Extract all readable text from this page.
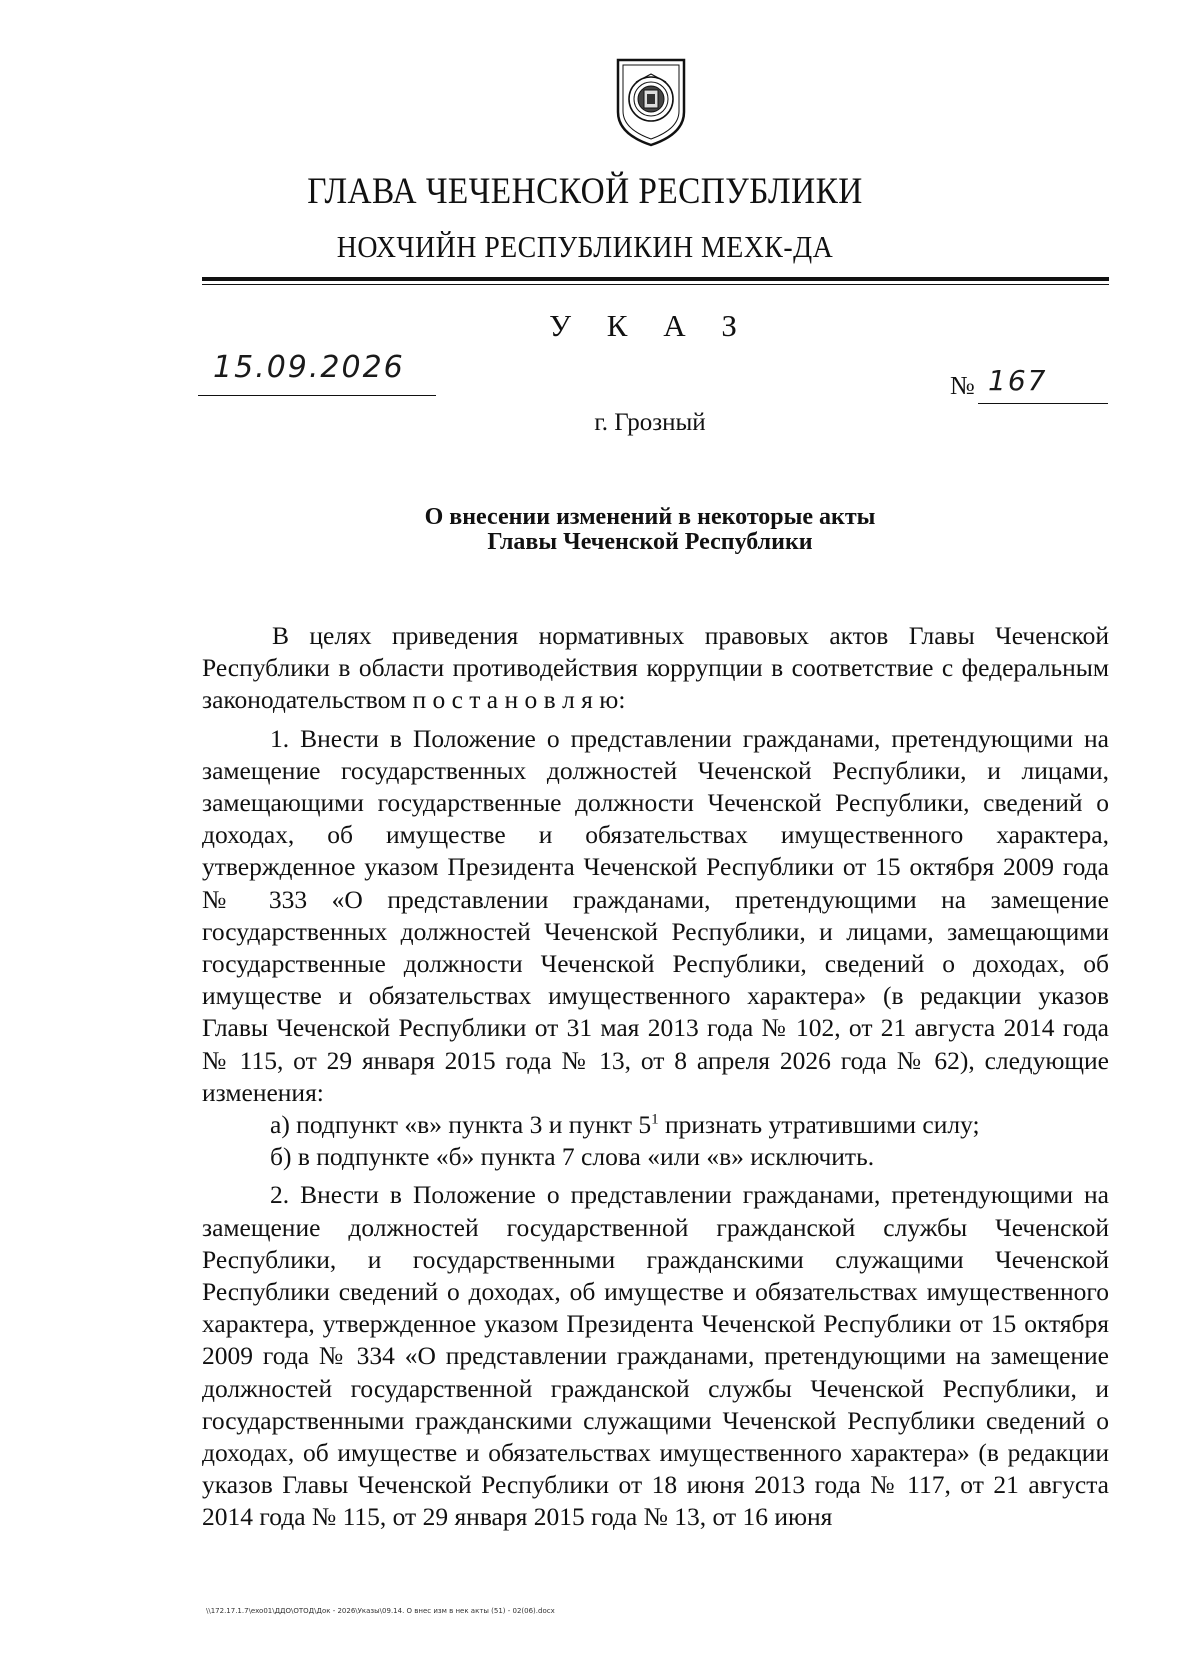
ГЛАВА ЧЕЧЕНСКОЙ РЕСПУБЛИКИ
НОХЧИЙН РЕСПУБЛИКИН МЕХК-ДА
У К А З
15.09.2026
№ 167
г. Грозный
О внесении изменений в некоторые акты
Главы Чеченской Республики

В целях приведения нормативных правовых актов Главы Чеченской Республики в области противодействия коррупции в соответствие с федеральным законодательством п о с т а н о в л я ю:

1. Внести в Положение о представлении гражданами, претендующими на замещение государственных должностей Чеченской Республики, и лицами, замещающими государственные должности Чеченской Республики, сведений о доходах, об имуществе и обязательствах имущественного характера, утвержденное указом Президента Чеченской Республики от 15 октября 2009 года № 333 «О представлении гражданами, претендующими на замещение государственных должностей Чеченской Республики, и лицами, замещающими государственные должности Чеченской Республики, сведений о доходах, об имуществе и обязательствах имущественного характера» (в редакции указов Главы Чеченской Республики от 31 мая 2013 года № 102, от 21 августа 2014 года № 115, от 29 января 2015 года № 13, от 8 апреля 2026 года № 62), следующие изменения:

а) подпункт «в» пункта 3 и пункт $5^1$ признать утратившими силу;

б) в подпункте «б» пункта 7 слова «или «в» исключить.

2. Внести в Положение о представлении гражданами, претендующими на замещение должностей государственной гражданской службы Чеченской Республики, и государственными гражданскими служащими Чеченской Республики сведений о доходах, об имуществе и обязательствах имущественного характера, утвержденное указом Президента Чеченской Республики от 15 октября 2009 года № 334 «О представлении гражданами, претендующими на замещение должностей государственной гражданской службы Чеченской Республики, и государственными гражданскими служащими Чеченской Республики сведений о доходах, об имуществе и обязательствах имущественного характера» (в редакции указов Главы Чеченской Республики от 18 июня 2013 года № 117, от 21 августа 2014 года № 115, от 29 января 2015 года № 13, от 16 июня

\\172.17.1.7\exo01\ДДО\ОТОД\Док - 2026\Указы\09.14. О внес изм в нек акты (51) - 02(06).docx
